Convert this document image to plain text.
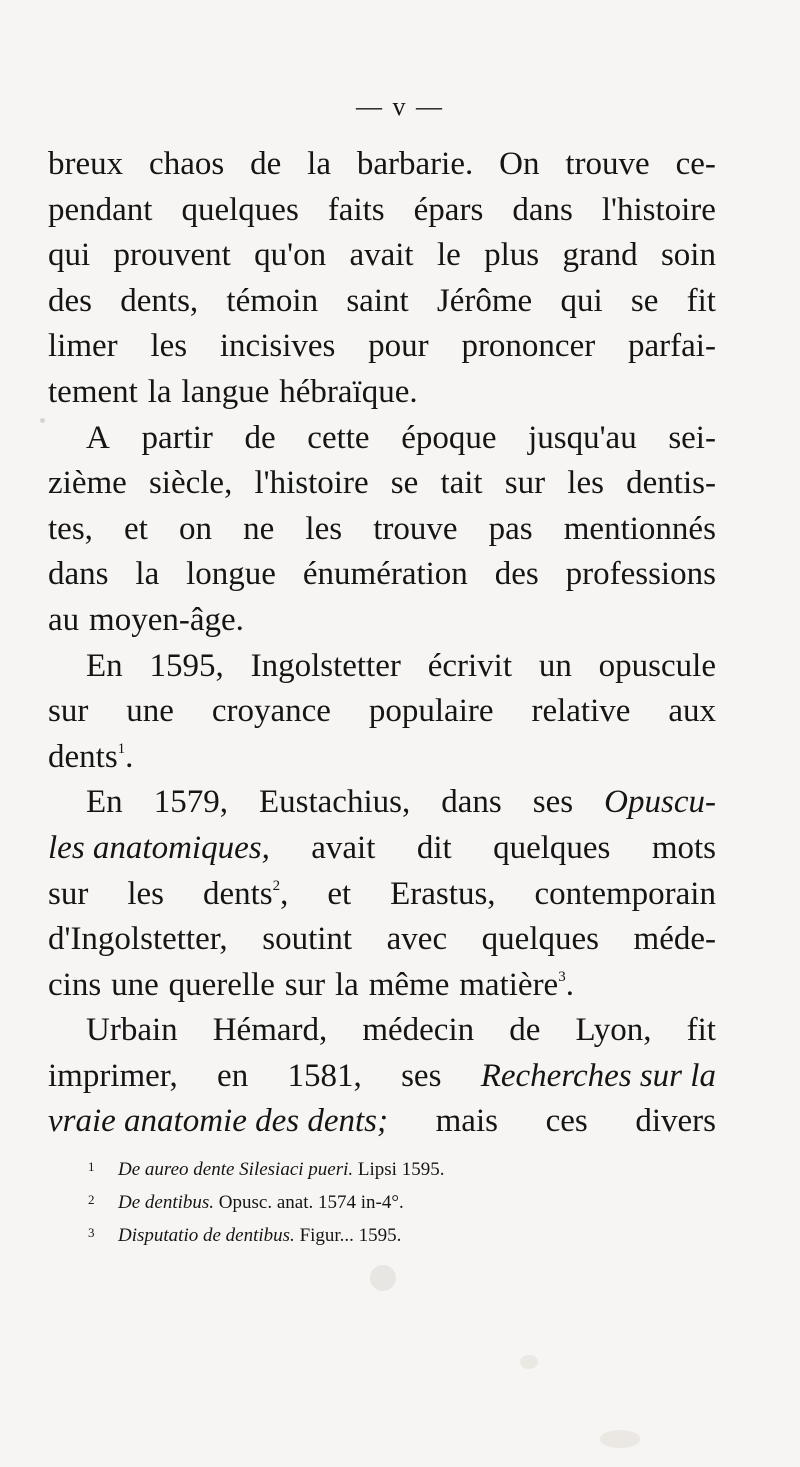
— v —
breux chaos de la barbarie. On trouve ce-
pendant quelques faits épars dans l'histoire
qui prouvent qu'on avait le plus grand soin
des dents, témoin saint Jérôme qui se fit
limer les incisives pour prononcer parfai-
tement la langue hébraïque.
A partir de cette époque jusqu'au sei-
zième siècle, l'histoire se tait sur les dentis-
tes, et on ne les trouve pas mentionnés
dans la longue énumération des professions
au moyen-âge.
En 1595, Ingolstetter écrivit un opuscule
sur une croyance populaire relative aux
dents$^1$.
En 1579, Eustachius, dans ses Opuscu-
les anatomiques, avait dit quelques mots
sur les dents$^2$, et Erastus, contemporain
d'Ingolstetter, soutint avec quelques méde-
cins une querelle sur la même matière$^3$.
Urbain Hémard, médecin de Lyon, fit
imprimer, en 1581, ses Recherches sur la
vraie anatomie des dents; mais ces divers
1 De aureo dente Silesiaci pueri. Lipsi 1595.
2 De dentibus. Opusc. anat. 1574 in-4°.
3 Disputatio de dentibus. Figur... 1595.
